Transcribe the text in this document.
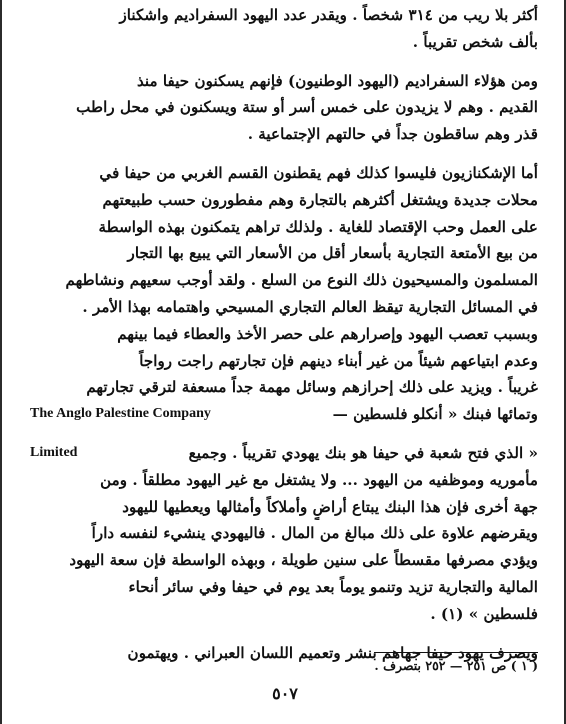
أكثر بلا ريب من ٣١٤ شخصاً . ويقدر عدد اليهود السفراديم واشكناز
بألف شخص تقريباً .
ومن هؤلاء السفراديم (اليهود الوطنيون) فإنهم يسكنون حيفا منذ
القديم . وهم لا يزيدون على خمس أسر أو ستة ويسكنون في محل راطب
قذر وهم ساقطون جداً في حالتهم الإجتماعية .
أما الإشكنازيون فليسوا كذلك فهم يقطنون القسم الغربي من حيفا في
محلات جديدة ويشتغل أكثرهم بالتجارة وهم مفطورون حسب طبيعتهم
على العمل وحب الإقتصاد للغاية . ولذلك تراهم يتمكنون بهذه الواسطة
من بيع الأمتعة التجارية بأسعار أقل من الأسعار التي يبيع بها التجار
المسلمون والمسيحيون ذلك النوع من السلع . ولقد أوجب سعيهم ونشاطهم
في المسائل التجارية تيقظ العالم التجاري المسيحي واهتمامه بهذا الأمر .
وبسبب تعصب اليهود وإصرارهم على حصر الأخذ والعطاء فيما بينهم
وعدم ابتياعهم شيئاً من غير أبناء دينهم فإن تجارتهم راجت رواجاً
غريباً . ويزيد على ذلك إحرازهم وسائل مهمة جداً مسعفة لترقي تجارتهم
وتمائها فبنك « أنكلو فلسطين —
The Anglo Palestine Company
« الذي فتح شعبة في حيفا هو بنك يهودي تقريباً . وجميع
Limited
مأموريه وموظفيه من اليهود ... ولا يشتغل مع غير اليهود مطلقاً . ومن
جهة أخرى فإن هذا البنك يبتاع أراضٍ وأملاكاً وأمثالها ويعطيها لليهود
ويقرضهم علاوة على ذلك مبالغ من المال . فاليهودي ينشيء لنفسه داراً
ويؤدي مصرفها مقسطاً على سنين طويلة ، وبهذه الواسطة فإن سعة اليهود
المالية والتجارية تزيد وتنمو يوماً بعد يوم في حيفا وفي سائر أنحاء
فلسطين » (١) .
ويصرف يهود حيفا جهاهم بنشر وتعميم اللسان العبراني . ويهتمون
( ١ ) ص ٢٥١ — ٢٥٢ بتصرف .
٥٠٧
